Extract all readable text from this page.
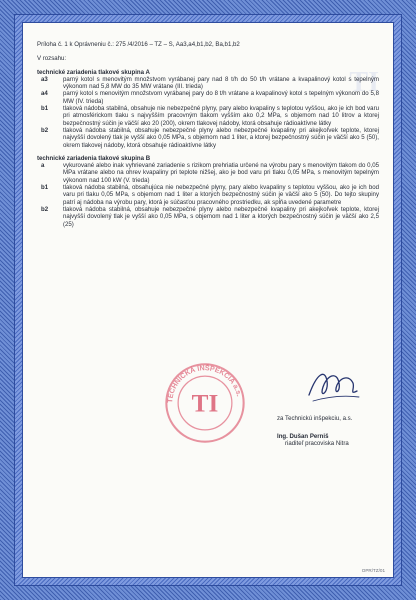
TI

Príloha č. 1 k Oprávneniu č.: 275 /4/2016 – TZ – S, Aa3,a4,b1,b2, Ba,b1,b2

V rozsahu:

technické zariadenia tlakové skupina A

a3	parný kotol s menovitým množstvom vyrábanej pary nad 8 t/h do 50 t/h vrátane a kvapalinový kotol s tepelným výkonom nad 5,8 MW do 35 MW vrátane (III. trieda)
a4	parný kotol s menovitým množstvom vyrábanej pary do 8 t/h vrátane a kvapalinový kotol s tepelným výkonom do 5,8 MW (IV. trieda)
b1	tlaková nádoba stabilná, obsahuje nie nebezpečné plyny, pary alebo kvapaliny s teplotou vyššou, ako je ich bod varu pri atmosférickom tlaku s najvyšším pracovným tlakom vyšším ako 0,2 MPa, s objemom nad 10 litrov a ktorej bezpečnostný súčin je väčší ako 20 (200), okrem tlakovej nádoby, ktorá obsahuje rádioaktívne látky
b2	tlaková nádoba stabilná, obsahuje nebezpečné plyny alebo nebezpečné kvapaliny pri akejkoľvek teplote, ktorej najvyšší dovolený tlak je vyšší ako 0,05 MPa, s objemom nad 1 liter, a ktorej bezpečnostný súčin je väčší ako 5 (50), okrem tlakovej nádoby, ktorá obsahuje rádioaktívne látky

technické zariadenia tlakové skupina B

a	vykurované alebo inak vyhrievané zariadenie s rizikom prehriatia určené na výrobu pary s menovitým tlakom do 0,05 MPa vrátane alebo na ohrev kvapaliny pri teplote nižšej, ako je bod varu pri tlaku 0,05 MPa, s menovitým tepelným výkonom nad 100 kW (V. trieda)
b1	tlaková nádoba stabilná, obsahujúca nie nebezpečné plyny, pary alebo kvapaliny s teplotou vyššou, ako je ich bod varu pri tlaku 0,05 MPa, s objemom nad 1 liter a ktorých bezpečnostný súčin je väčší ako 5 (50). Do tejto skupiny patrí aj nádoba na výrobu pary, ktorá je súčasťou pracovného prostriedku, ak spĺňa uvedené parametre
b2	tlaková nádoba stabilná, obsahuje nebezpečné plyny alebo nebezpečné kvapaliny pri akejkoľvek teplote, ktorej najvyšší dovolený tlak je vyšší ako 0,05 MPa, s objemom nad 1 liter a ktorých bezpečnostný súčin je väčší ako 2,5 (25)
TECHNICKÁ INŠPEKCIA a.s.
TI
za Technickú inšpekciu, a.s.
Ing. Dušan Perniš
riaditeľ pracoviska Nitra
OPR/TZ/01
